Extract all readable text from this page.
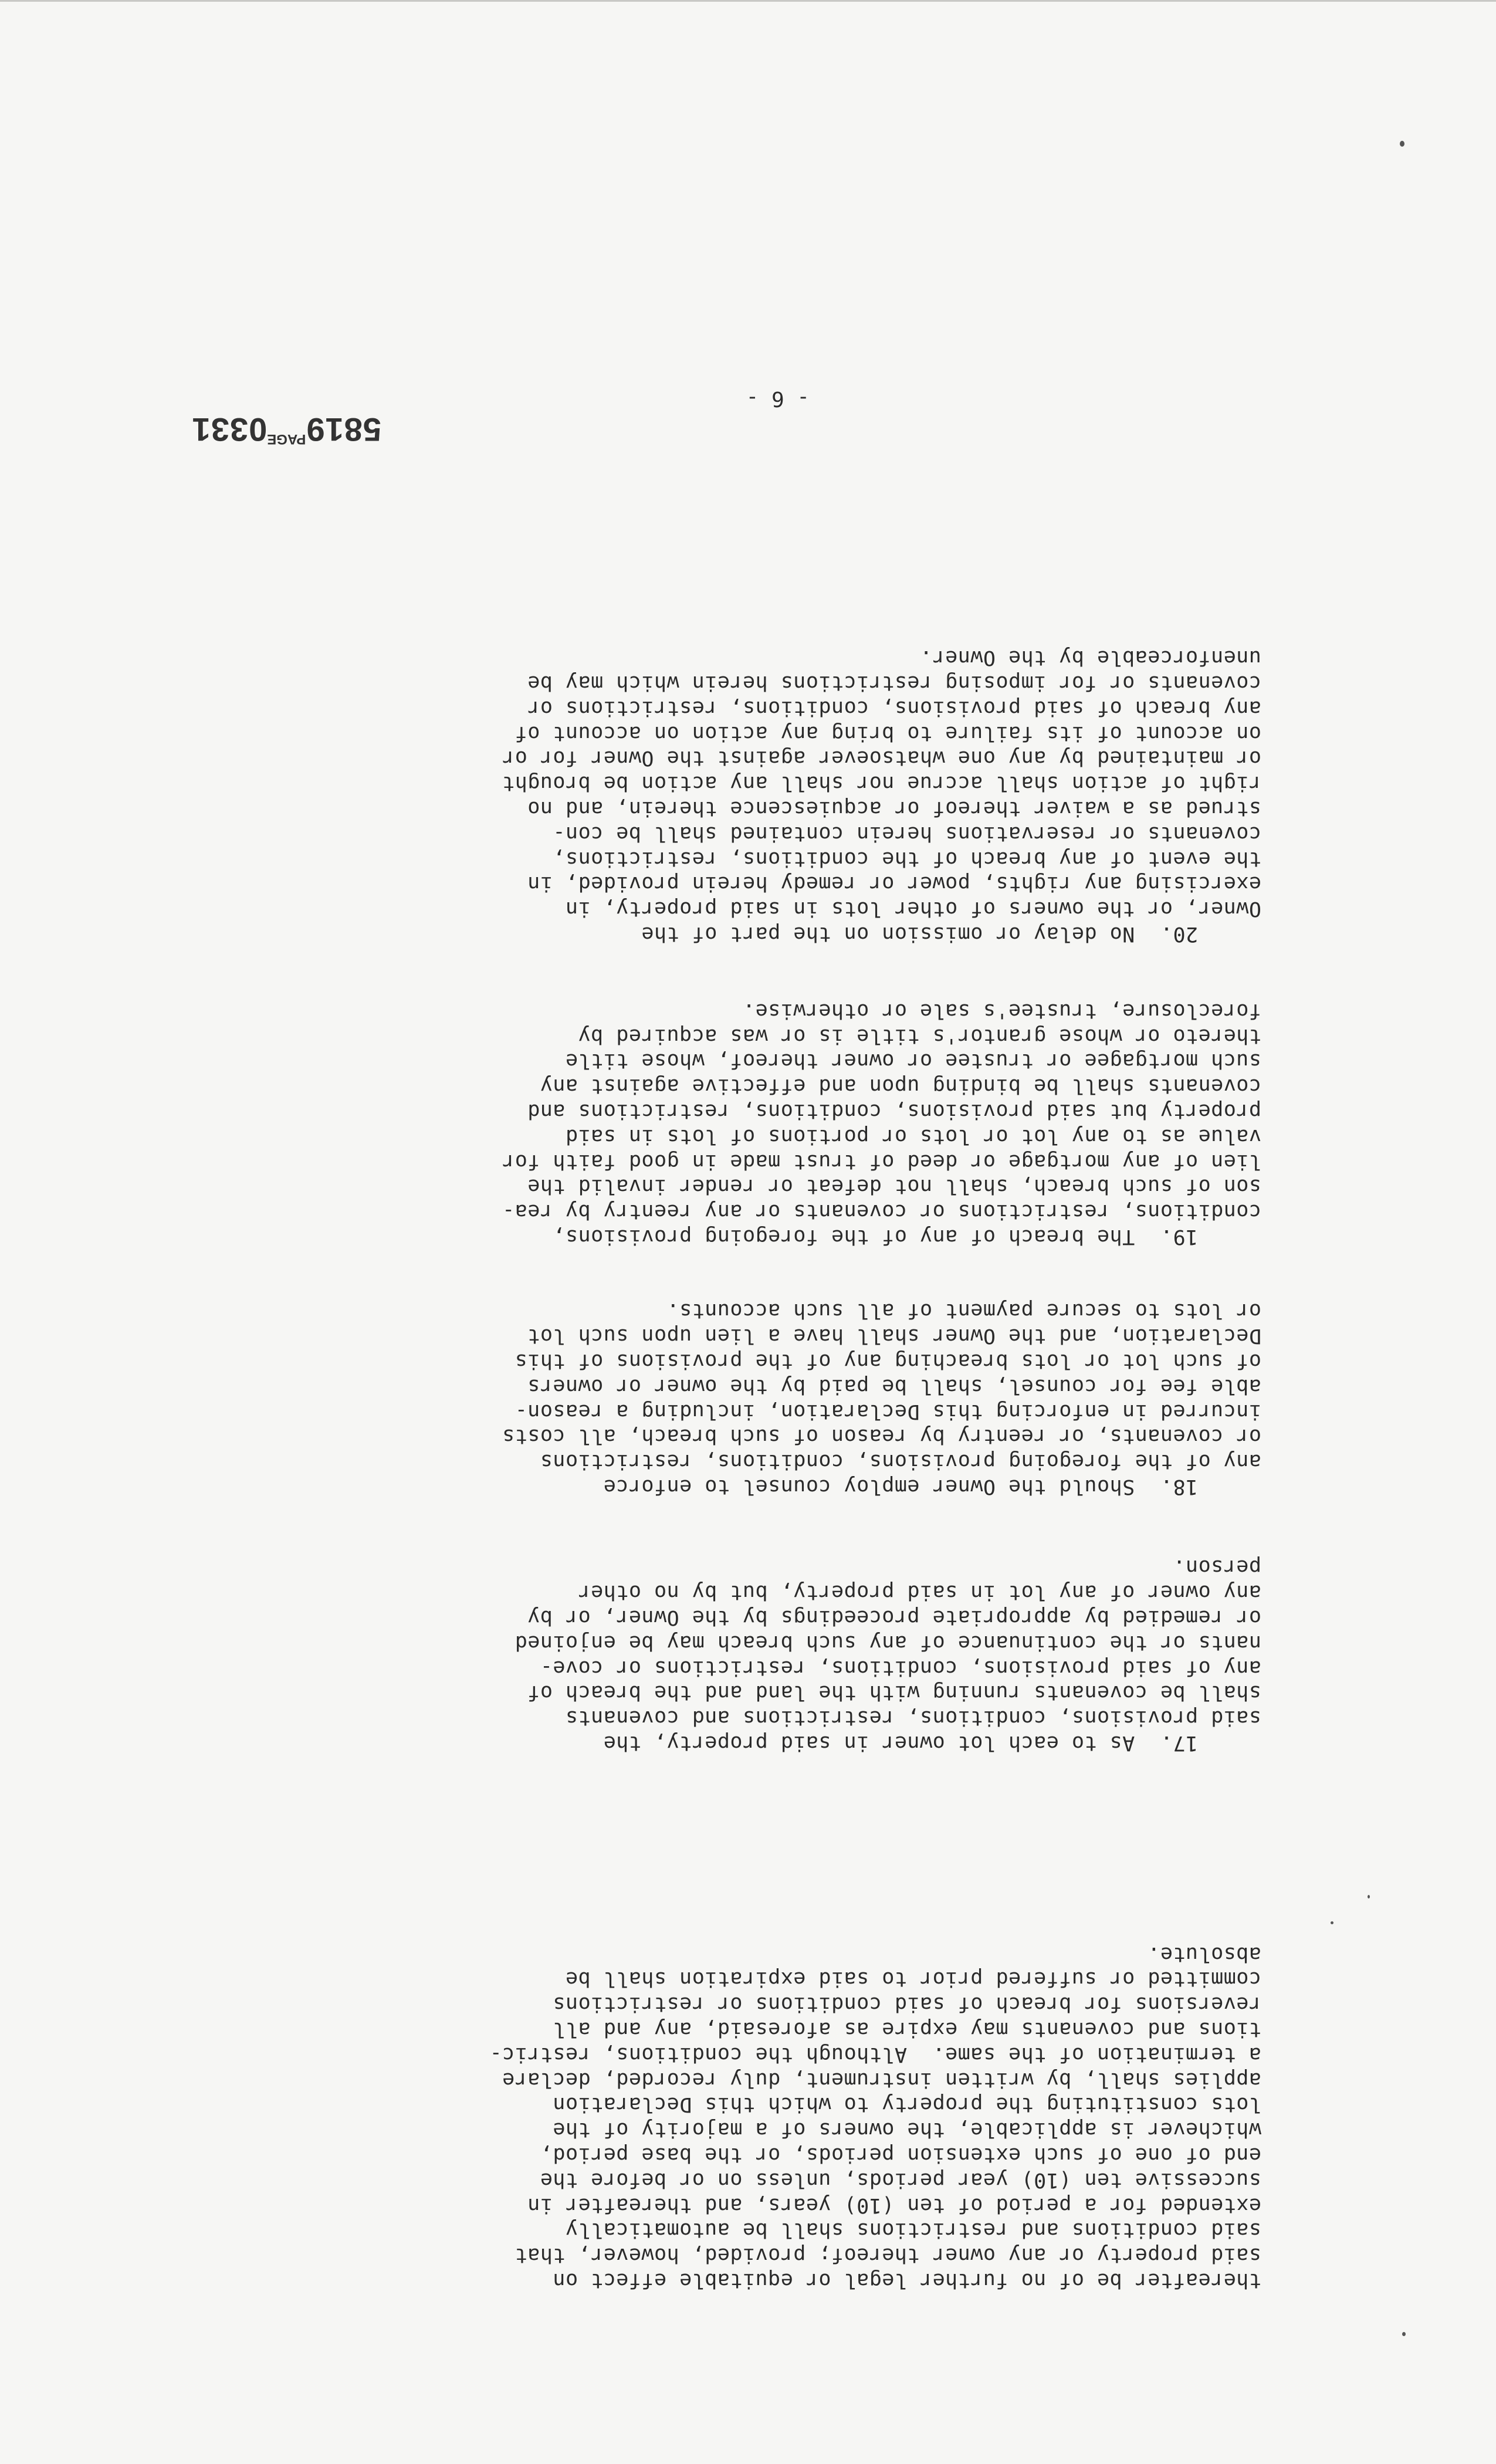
thereafter be of no further legal or equitable effect on
said property or any owner thereof; provided, however, that
said conditions and restrictions shall be automatically
extended for a period of ten (10) years, and thereafter in
successive ten (10) year periods, unless on or before the
end of one of such extension periods, or the base period,
whichever is applicable, the owners of a majority of the
lots constituting the property to which this Declaration
applies shall, by written instrument, duly recorded, declare
a termination of the same.  Although the conditions, restric-
tions and covenants may expire as aforesaid, any and all
reversions for breach of said conditions or restrictions
committed or suffered prior to said expiration shall be
absolute.
17.  As to each lot owner in said property, the
said provisions, conditions, restrictions and covenants
shall be covenants running with the land and the breach of
any of said provisions, conditions, restrictions or cove-
nants or the continuance of any such breach may be enjoined
or remedied by appropriate proceedings by the Owner, or by
any owner of any lot in said property, but by no other
person.
18.  Should the Owner employ counsel to enforce
any of the foregoing provisions, conditions, restrictions
or covenants, or reentry by reason of such breach, all costs
incurred in enforcing this Declaration, including a reason-
able fee for counsel, shall be paid by the owner or owners
of such lot or lots breaching any of the provisions of this
Declaration, and the Owner shall have a lien upon such lot
or lots to secure payment of all such accounts.
19.  The breach of any of the foregoing provisions,
conditions, restrictions or covenants or any reentry by rea-
son of such breach, shall not defeat or render invalid the
lien of any mortgage or deed of trust made in good faith for
value as to any lot or lots or portions of lots in said
property but said provisions, conditions, restrictions and
covenants shall be binding upon and effective against any
such mortgagee or trustee or owner thereof, whose title
thereto or whose grantor's title is or was acquired by
foreclosure, trustee's sale or otherwise.
20.  No delay or omission on the part of the
Owner, or the owners of other lots in said property, in
exercising any rights, power or remedy herein provided, in
the event of any breach of the conditions, restrictions,
covenants or reservations herein contained shall be con-
strued as a waiver thereof or acquiescence therein, and no
right of action shall accrue nor shall any action be brought
or maintained by any one whatsoever against the Owner for or
on account of its failure to bring any action on account of
any breach of said provisions, conditions, restrictions or
covenants or for imposing restrictions herein which may be
unenforceable by the Owner.
$5819^{PAGE}0331$
- 6 -
